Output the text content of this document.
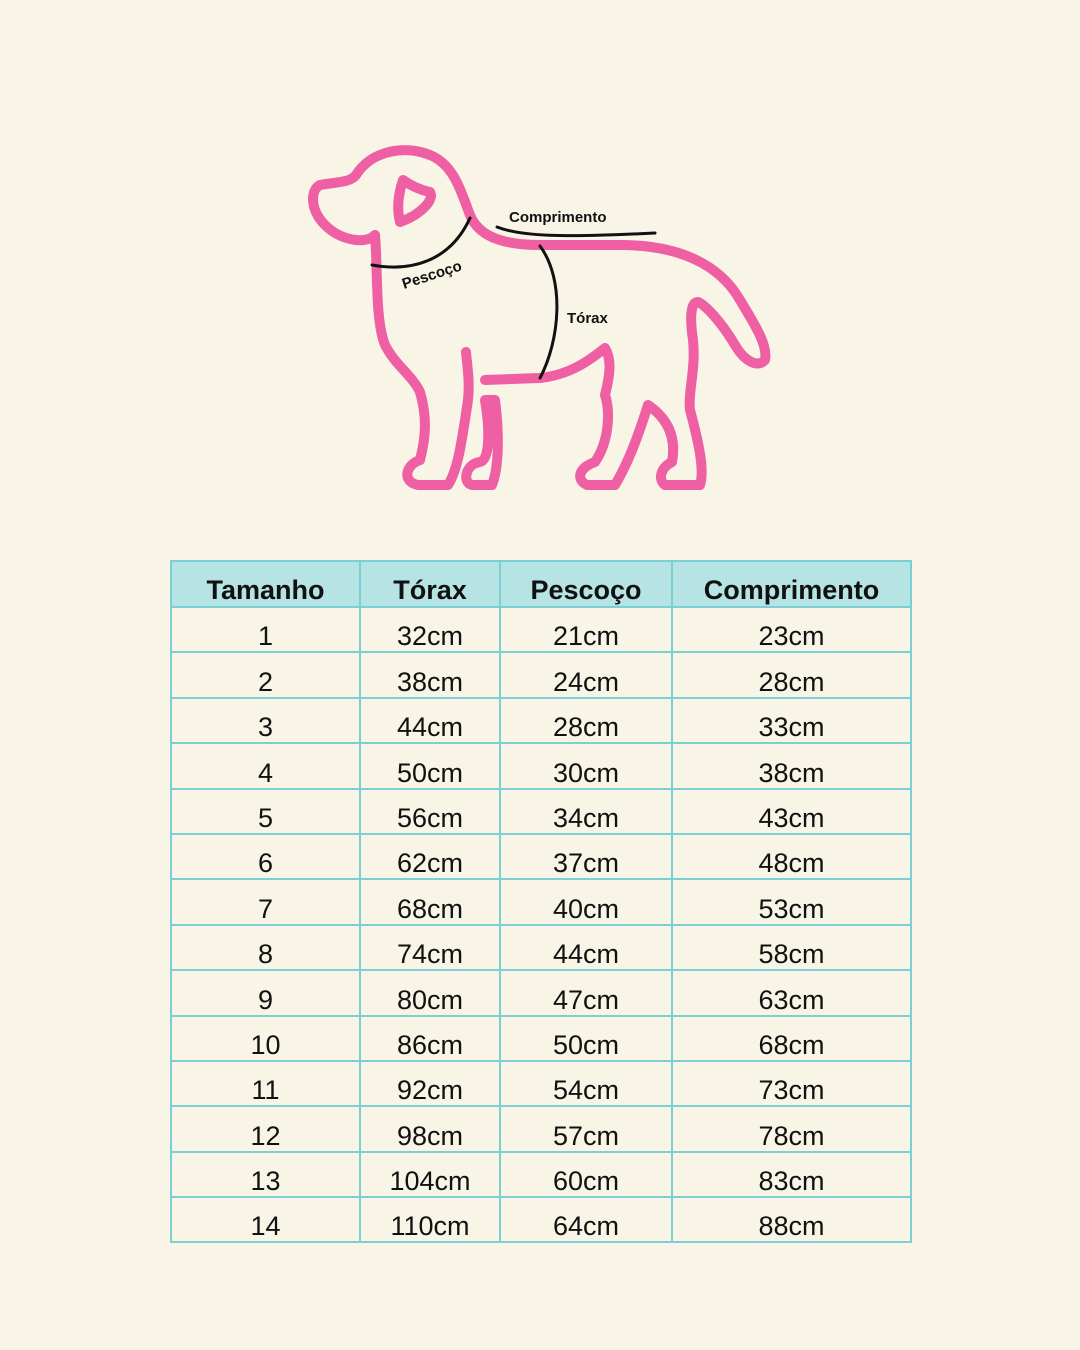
Comprimento
Pescoço
Tórax
Tamanho	Tórax	Pescoço	Comprimento
1	32cm	21cm	23cm
2	38cm	24cm	28cm
3	44cm	28cm	33cm
4	50cm	30cm	38cm
5	56cm	34cm	43cm
6	62cm	37cm	48cm
7	68cm	40cm	53cm
8	74cm	44cm	58cm
9	80cm	47cm	63cm
10	86cm	50cm	68cm
11	92cm	54cm	73cm
12	98cm	57cm	78cm
13	104cm	60cm	83cm
14	110cm	64cm	88cm
